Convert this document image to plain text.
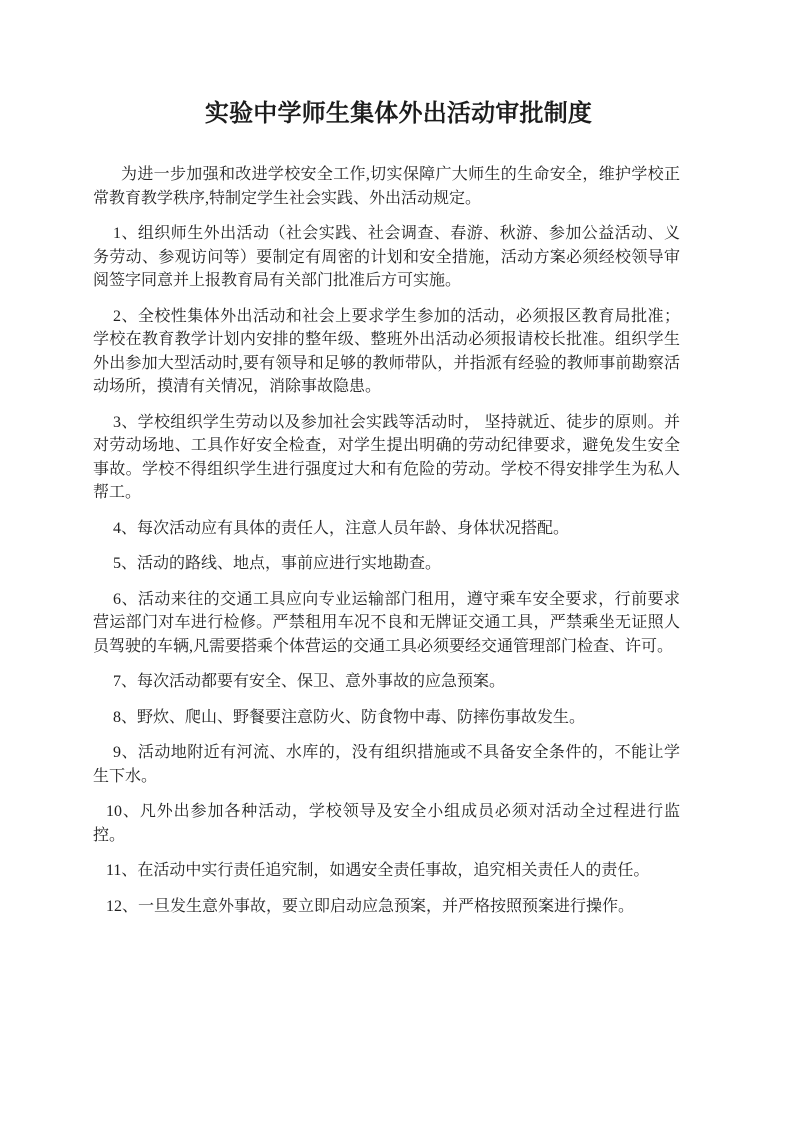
实验中学师生集体外出活动审批制度

为进一步加强和改进学校安全工作,切实保障广大师生的生命安全，维护学校正常教育教学秩序,特制定学生社会实践、外出活动规定。

1、组织师生外出活动（社会实践、社会调查、春游、秋游、参加公益活动、义务劳动、参观访问等）要制定有周密的计划和安全措施，活动方案必须经校领导审阅签字同意并上报教育局有关部门批准后方可实施。

2、全校性集体外出活动和社会上要求学生参加的活动，必须报区教育局批准；学校在教育教学计划内安排的整年级、整班外出活动必须报请校长批准。组织学生外出参加大型活动时,要有领导和足够的教师带队，并指派有经验的教师事前勘察活动场所，摸清有关情况，消除事故隐患。

3、学校组织学生劳动以及参加社会实践等活动时， 坚持就近、徒步的原则。并对劳动场地、工具作好安全检查，对学生提出明确的劳动纪律要求，避免发生安全事故。学校不得组织学生进行强度过大和有危险的劳动。学校不得安排学生为私人帮工。

4、每次活动应有具体的责任人，注意人员年龄、身体状况搭配。

5、活动的路线、地点，事前应进行实地勘查。

6、活动来往的交通工具应向专业运输部门租用，遵守乘车安全要求，行前要求营运部门对车进行检修。严禁租用车况不良和无牌证交通工具，严禁乘坐无证照人员驾驶的车辆,凡需要搭乘个体营运的交通工具必须要经交通管理部门检查、许可。

7、每次活动都要有安全、保卫、意外事故的应急预案。

8、野炊、爬山、野餐要注意防火、防食物中毒、防摔伤事故发生。

9、活动地附近有河流、水库的，没有组织措施或不具备安全条件的，不能让学生下水。

10、凡外出参加各种活动，学校领导及安全小组成员必须对活动全过程进行监控。

11、在活动中实行责任追究制，如遇安全责任事故，追究相关责任人的责任。

12、一旦发生意外事故，要立即启动应急预案，并严格按照预案进行操作。
